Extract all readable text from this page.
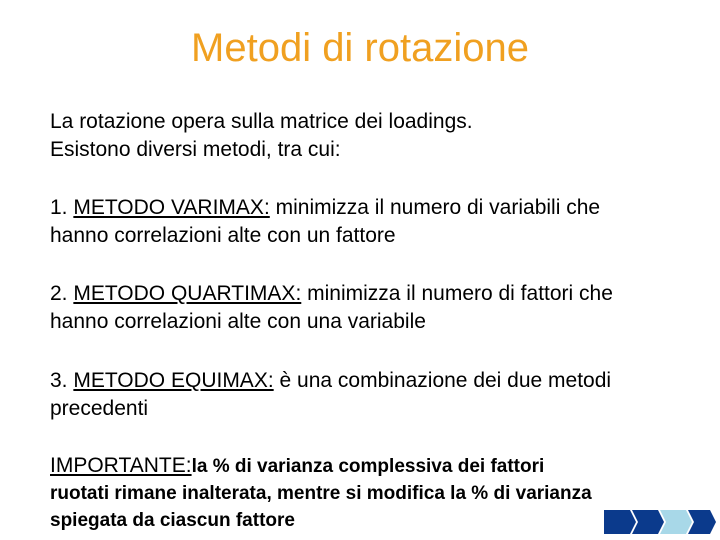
Metodi di rotazione
La rotazione opera sulla matrice dei loadings.
Esistono diversi metodi, tra cui:
1. METODO VARIMAX: minimizza il numero di variabili che
hanno correlazioni alte con un fattore
2. METODO QUARTIMAX: minimizza il numero di fattori che
hanno correlazioni alte con una variabile
3. METODO EQUIMAX: è una combinazione dei due metodi
precedenti
IMPORTANTE:la % di varianza complessiva dei fattori
ruotati rimane inalterata, mentre si modifica la % di varianza
spiegata da ciascun fattore
